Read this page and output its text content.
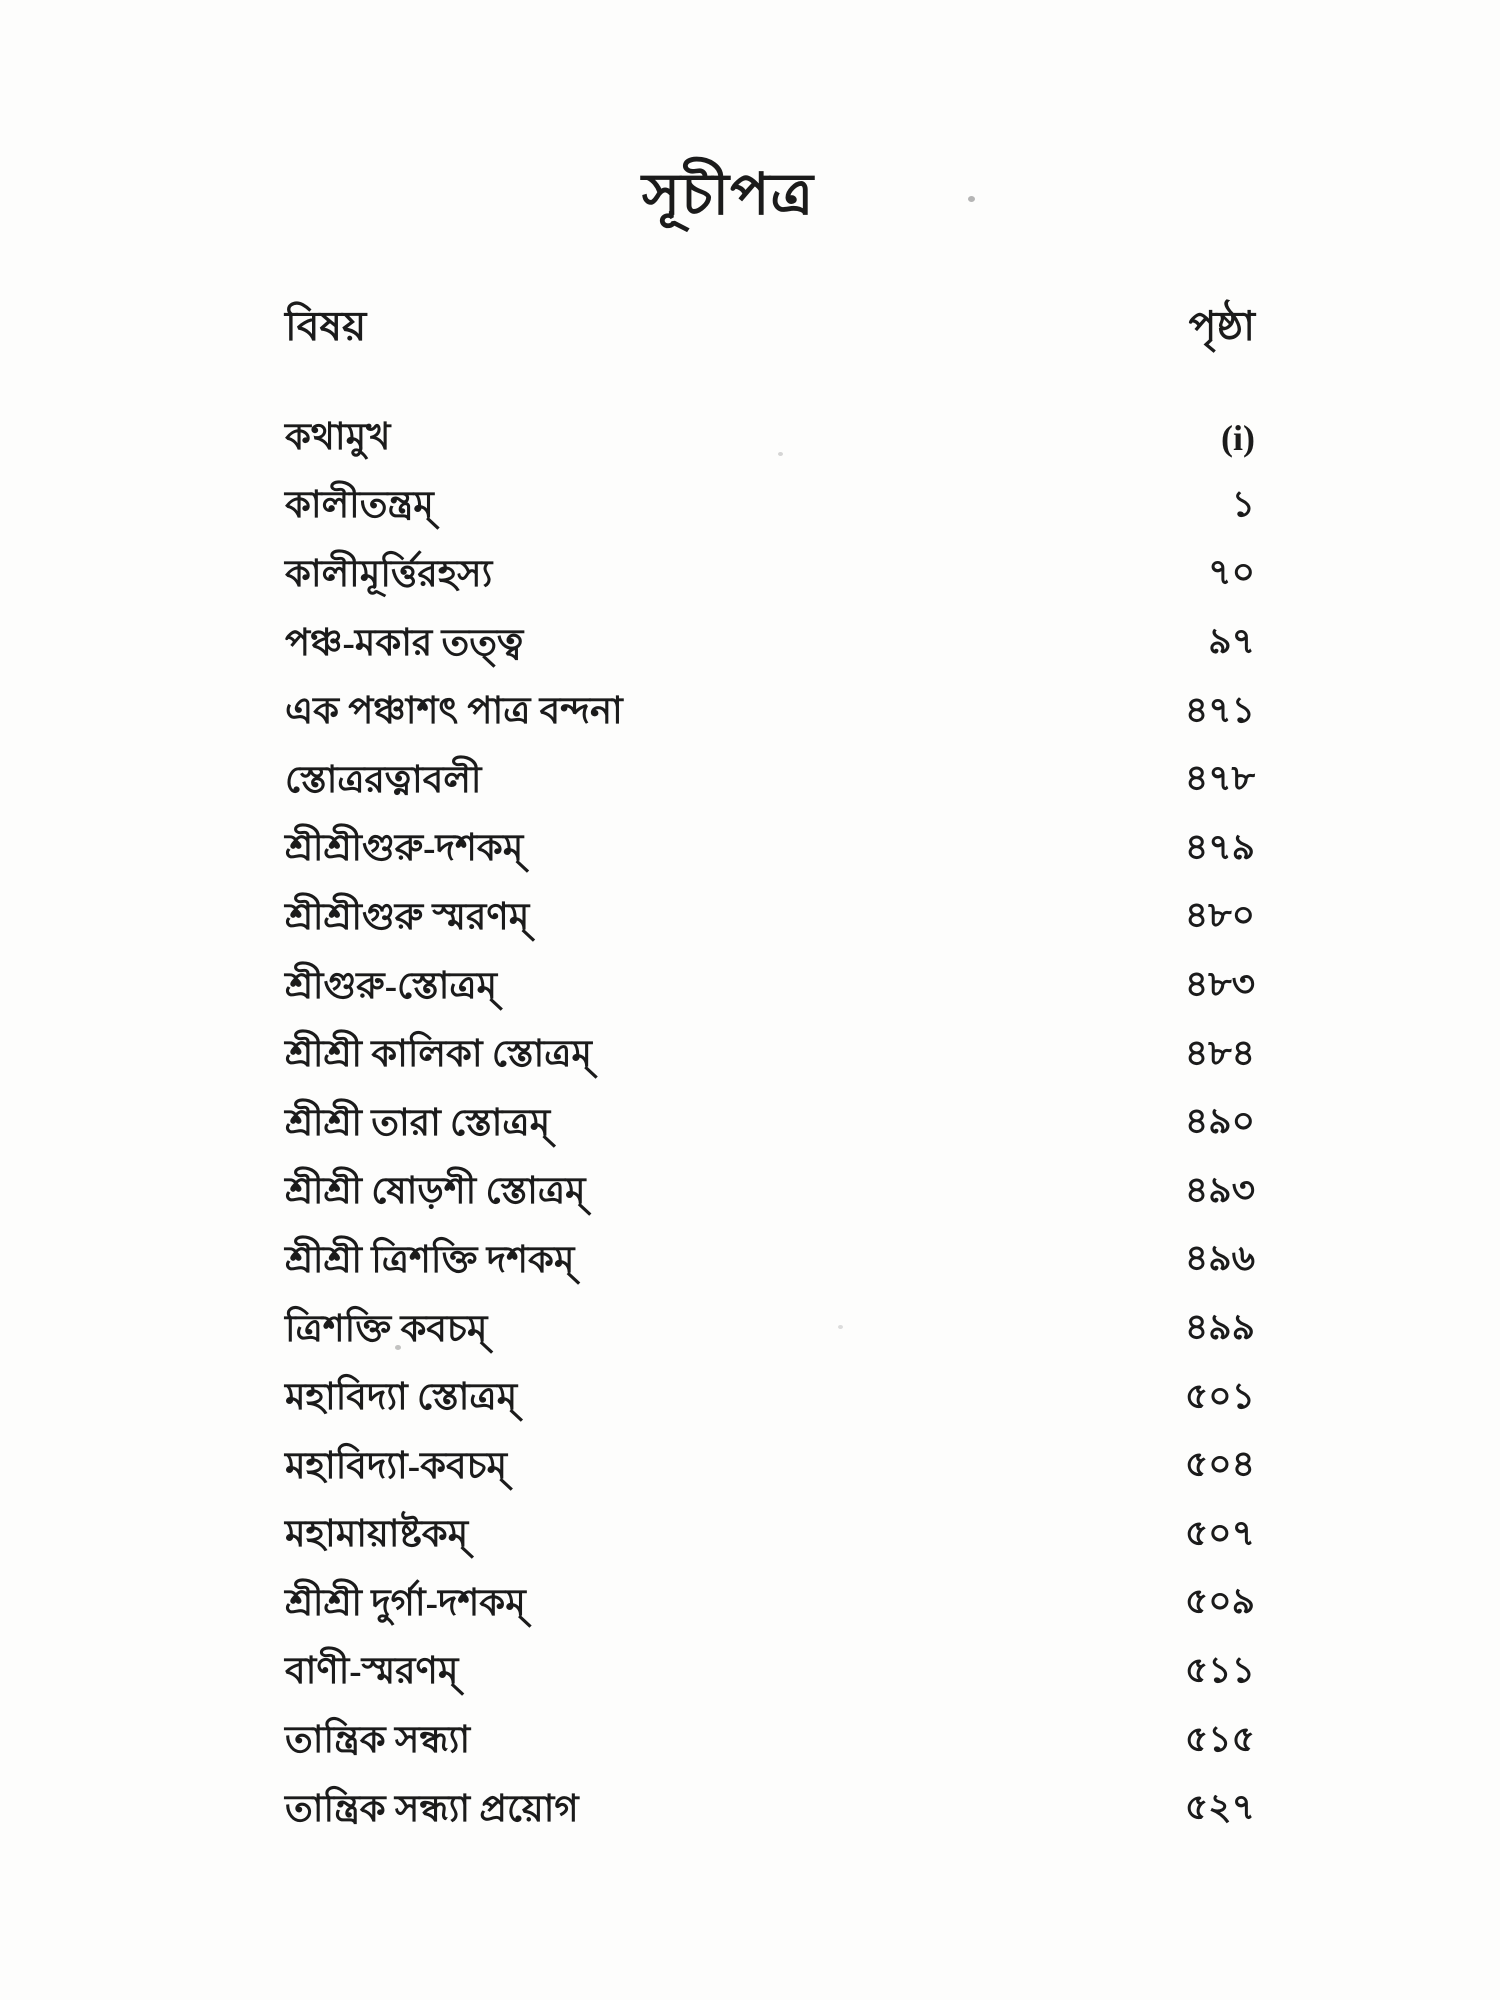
সূচীপত্র
বিষয়	পৃষ্ঠা
কথামুখ	(i)
কালীতন্ত্রম্	১
কালীমূর্ত্তিরহস্য	৭০
পঞ্চ-মকার তত্ত্ব	৯৭
এক পঞ্চাশৎ পাত্র বন্দনা	৪৭১
স্তোত্ররত্নাবলী	৪৭৮
শ্রীশ্রীগুরু-দশকম্	৪৭৯
শ্রীশ্রীগুরু স্মরণম্	৪৮০
শ্রীগুরু-স্তোত্রম্	৪৮৩
শ্রীশ্রী কালিকা স্তোত্রম্	৪৮৪
শ্রীশ্রী তারা স্তোত্রম্	৪৯০
শ্রীশ্রী ষোড়শী স্তোত্রম্	৪৯৩
শ্রীশ্রী ত্রিশক্তি দশকম্	৪৯৬
ত্রিশক্তি কবচম্	৪৯৯
মহাবিদ্যা স্তোত্রম্	৫০১
মহাবিদ্যা-কবচম্	৫০৪
মহামায়াষ্টকম্	৫০৭
শ্রীশ্রী দুর্গা-দশকম্	৫০৯
বাণী-স্মরণম্	৫১১
তান্ত্রিক সন্ধ্যা	৫১৫
তান্ত্রিক সন্ধ্যা প্রয়োগ	৫২৭
